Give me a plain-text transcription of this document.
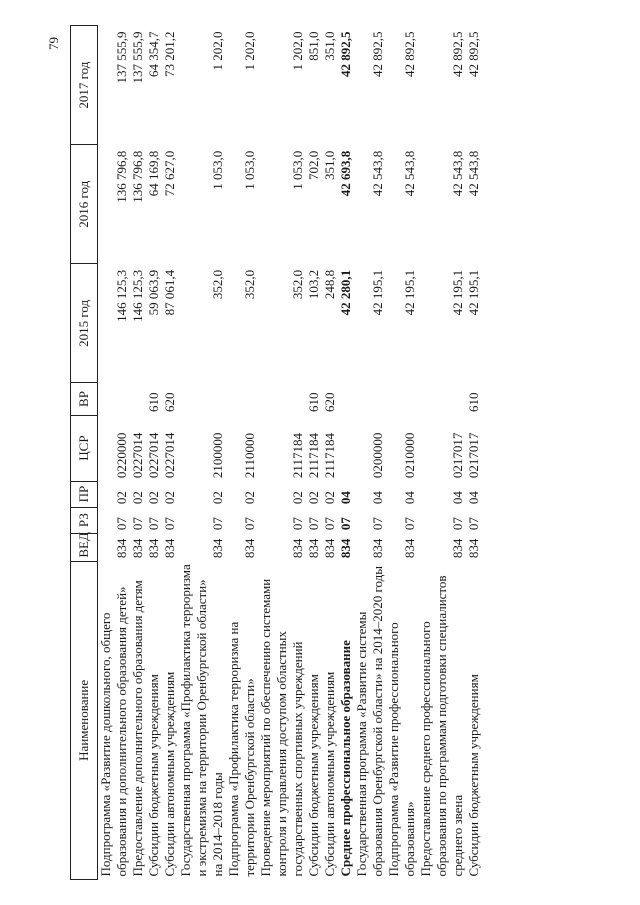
79
Наименование	ВЕД	РЗ	ПР	ЦСР	ВР	2015 год	2016 год	2017 год
Подпрограмма «Развитие дошкольного, общего образования и дополнительного образования детей»	834	07	02	0220000		146 125,3	136 796,8	137 555,9
Предоставление дополнительного образования детям	834	07	02	0227014		146 125,3	136 796,8	137 555,9
Субсидии бюджетным учреждениям	834	07	02	0227014	610	59 063,9	64 169,8	64 354,7
Субсидии автономным учреждениям	834	07	02	0227014	620	87 061,4	72 627,0	73 201,2
Государственная программа «Профилактика терроризма и экстремизма на территории Оренбургской области» на 2014–2018 годы	834	07	02	2100000		352,0	1 053,0	1 202,0
Подпрограмма «Профилактика терроризма на территории Оренбургской области»	834	07	02	2110000		352,0	1 053,0	1 202,0
Проведение мероприятий по обеспечению системами контроля и управления доступом областных государственных спортивных учреждений	834	07	02	2117184		352,0	1 053,0	1 202,0
Субсидии бюджетным учреждениям	834	07	02	2117184	610	103,2	702,0	851,0
Субсидии автономным учреждениям	834	07	02	2117184	620	248,8	351,0	351,0
Среднее профессиональное образование	834	07	04			42 280,1	42 693,8	42 892,5
Государственная программа «Развитие системы образования Оренбургской области» на 2014–2020 годы	834	07	04	0200000		42 195,1	42 543,8	42 892,5
Подпрограмма «Развитие профессионального образования»	834	07	04	0210000		42 195,1	42 543,8	42 892,5
Предоставление среднего профессионального образования по программам подготовки специалистов среднего звена	834	07	04	0217017		42 195,1	42 543,8	42 892,5
Субсидии бюджетным учреждениям	834	07	04	0217017	610	42 195,1	42 543,8	42 892,5
